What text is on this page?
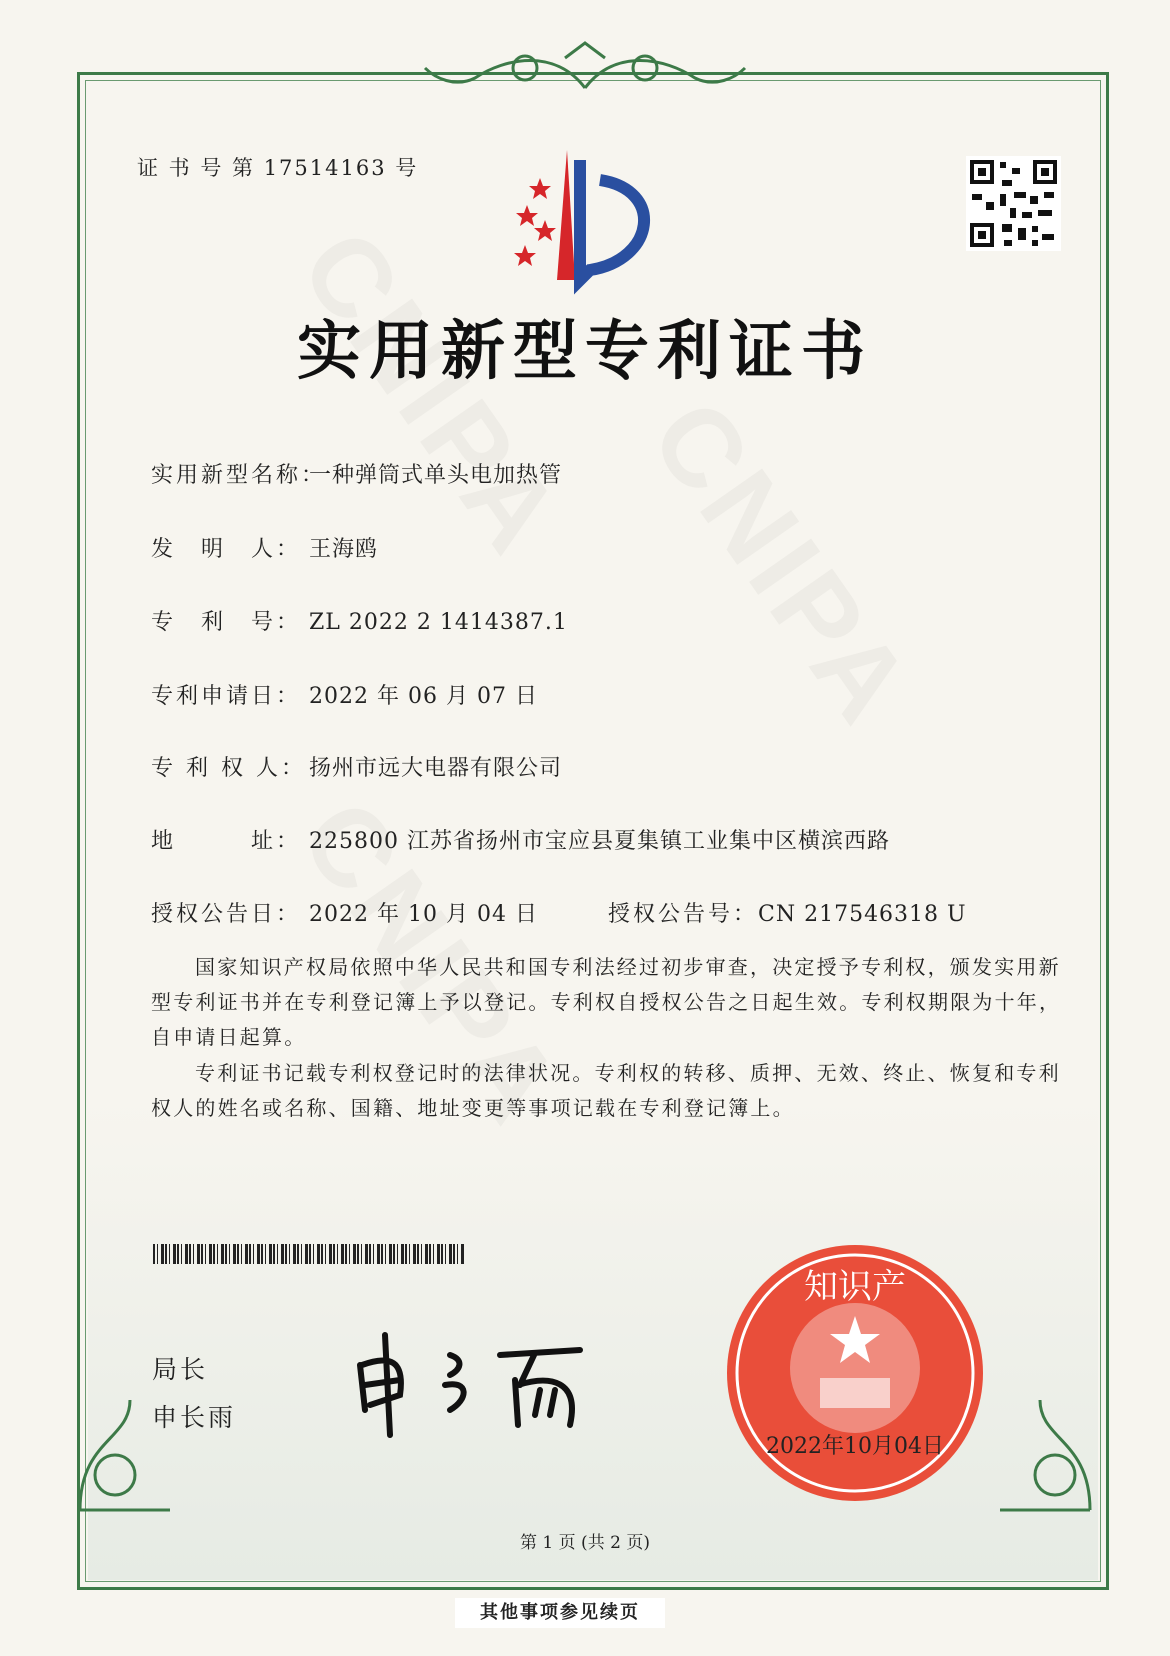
证 书 号 第 17514163 号
实用新型专利证书
实用新型名称：一种弹筒式单头电加热管
发　明　人： 王海鸥
专　利　号： ZL 2022 2 1414387.1
专利申请日： 2022 年 06 月 07 日
专 利 权 人： 扬州市远大电器有限公司
地　　　址： 225800 江苏省扬州市宝应县夏集镇工业集中区横滨西路
授权公告日： 2022 年 10 月 04 日	授权公告号：CN 217546318 U
国家知识产权局依照中华人民共和国专利法经过初步审查，决定授予专利权，颁发实用新型专利证书并在专利登记簿上予以登记。专利权自授权公告之日起生效。专利权期限为十年，自申请日起算。
专利证书记载专利权登记时的法律状况。专利权的转移、质押、无效、终止、恢复和专利权人的姓名或名称、国籍、地址变更等事项记载在专利登记簿上。
局长
申长雨
知识产
2022年10月04日
第 1 页 (共 2 页)
其他事项参见续页
